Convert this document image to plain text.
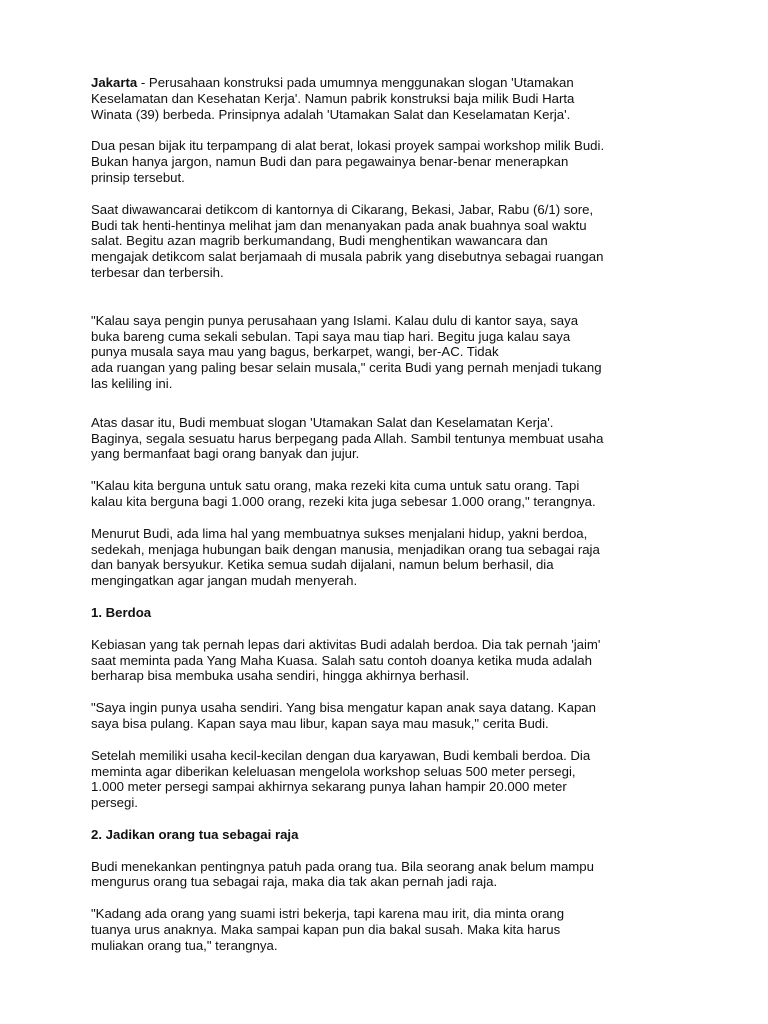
Jakarta - Perusahaan konstruksi pada umumnya menggunakan slogan 'Utamakan
Keselamatan dan Kesehatan Kerja'. Namun pabrik konstruksi baja milik Budi Harta
Winata (39) berbeda. Prinsipnya adalah 'Utamakan Salat dan Keselamatan Kerja'.

Dua pesan bijak itu terpampang di alat berat, lokasi proyek sampai workshop milik Budi.
Bukan hanya jargon, namun Budi dan para pegawainya benar-benar menerapkan
prinsip tersebut.

Saat diwawancarai detikcom di kantornya di Cikarang, Bekasi, Jabar, Rabu (6/1) sore,
Budi tak henti-hentinya melihat jam dan menanyakan pada anak buahnya soal waktu
salat. Begitu azan magrib berkumandang, Budi menghentikan wawancara dan
mengajak detikcom salat berjamaah di musala pabrik yang disebutnya sebagai ruangan
terbesar dan terbersih.

"Kalau saya pengin punya perusahaan yang Islami. Kalau dulu di kantor saya, saya
buka bareng cuma sekali sebulan. Tapi saya mau tiap hari. Begitu juga kalau saya
punya musala saya mau yang bagus, berkarpet, wangi, ber-AC. Tidak
ada ruangan yang paling besar selain musala," cerita Budi yang pernah menjadi tukang
las keliling ini.

Atas dasar itu, Budi membuat slogan 'Utamakan Salat dan Keselamatan Kerja'.
Baginya, segala sesuatu harus berpegang pada Allah. Sambil tentunya membuat usaha
yang bermanfaat bagi orang banyak dan jujur.

"Kalau kita berguna untuk satu orang, maka rezeki kita cuma untuk satu orang. Tapi
kalau kita berguna bagi 1.000 orang, rezeki kita juga sebesar 1.000 orang," terangnya.

Menurut Budi, ada lima hal yang membuatnya sukses menjalani hidup, yakni berdoa,
sedekah, menjaga hubungan baik dengan manusia, menjadikan orang tua sebagai raja
dan banyak bersyukur. Ketika semua sudah dijalani, namun belum berhasil, dia
mengingatkan agar jangan mudah menyerah.

1. Berdoa

Kebiasan yang tak pernah lepas dari aktivitas Budi adalah berdoa. Dia tak pernah 'jaim'
saat meminta pada Yang Maha Kuasa. Salah satu contoh doanya ketika muda adalah
berharap bisa membuka usaha sendiri, hingga akhirnya berhasil.

"Saya ingin punya usaha sendiri. Yang bisa mengatur kapan anak saya datang. Kapan
saya bisa pulang. Kapan saya mau libur, kapan saya mau masuk," cerita Budi.

Setelah memiliki usaha kecil-kecilan dengan dua karyawan, Budi kembali berdoa. Dia
meminta agar diberikan keleluasan mengelola workshop seluas 500 meter persegi,
1.000 meter persegi sampai akhirnya sekarang punya lahan hampir 20.000 meter
persegi.

2. Jadikan orang tua sebagai raja

Budi menekankan pentingnya patuh pada orang tua. Bila seorang anak belum mampu
mengurus orang tua sebagai raja, maka dia tak akan pernah jadi raja.

"Kadang ada orang yang suami istri bekerja, tapi karena mau irit, dia minta orang
tuanya urus anaknya. Maka sampai kapan pun dia bakal susah. Maka kita harus
muliakan orang tua," terangnya.
